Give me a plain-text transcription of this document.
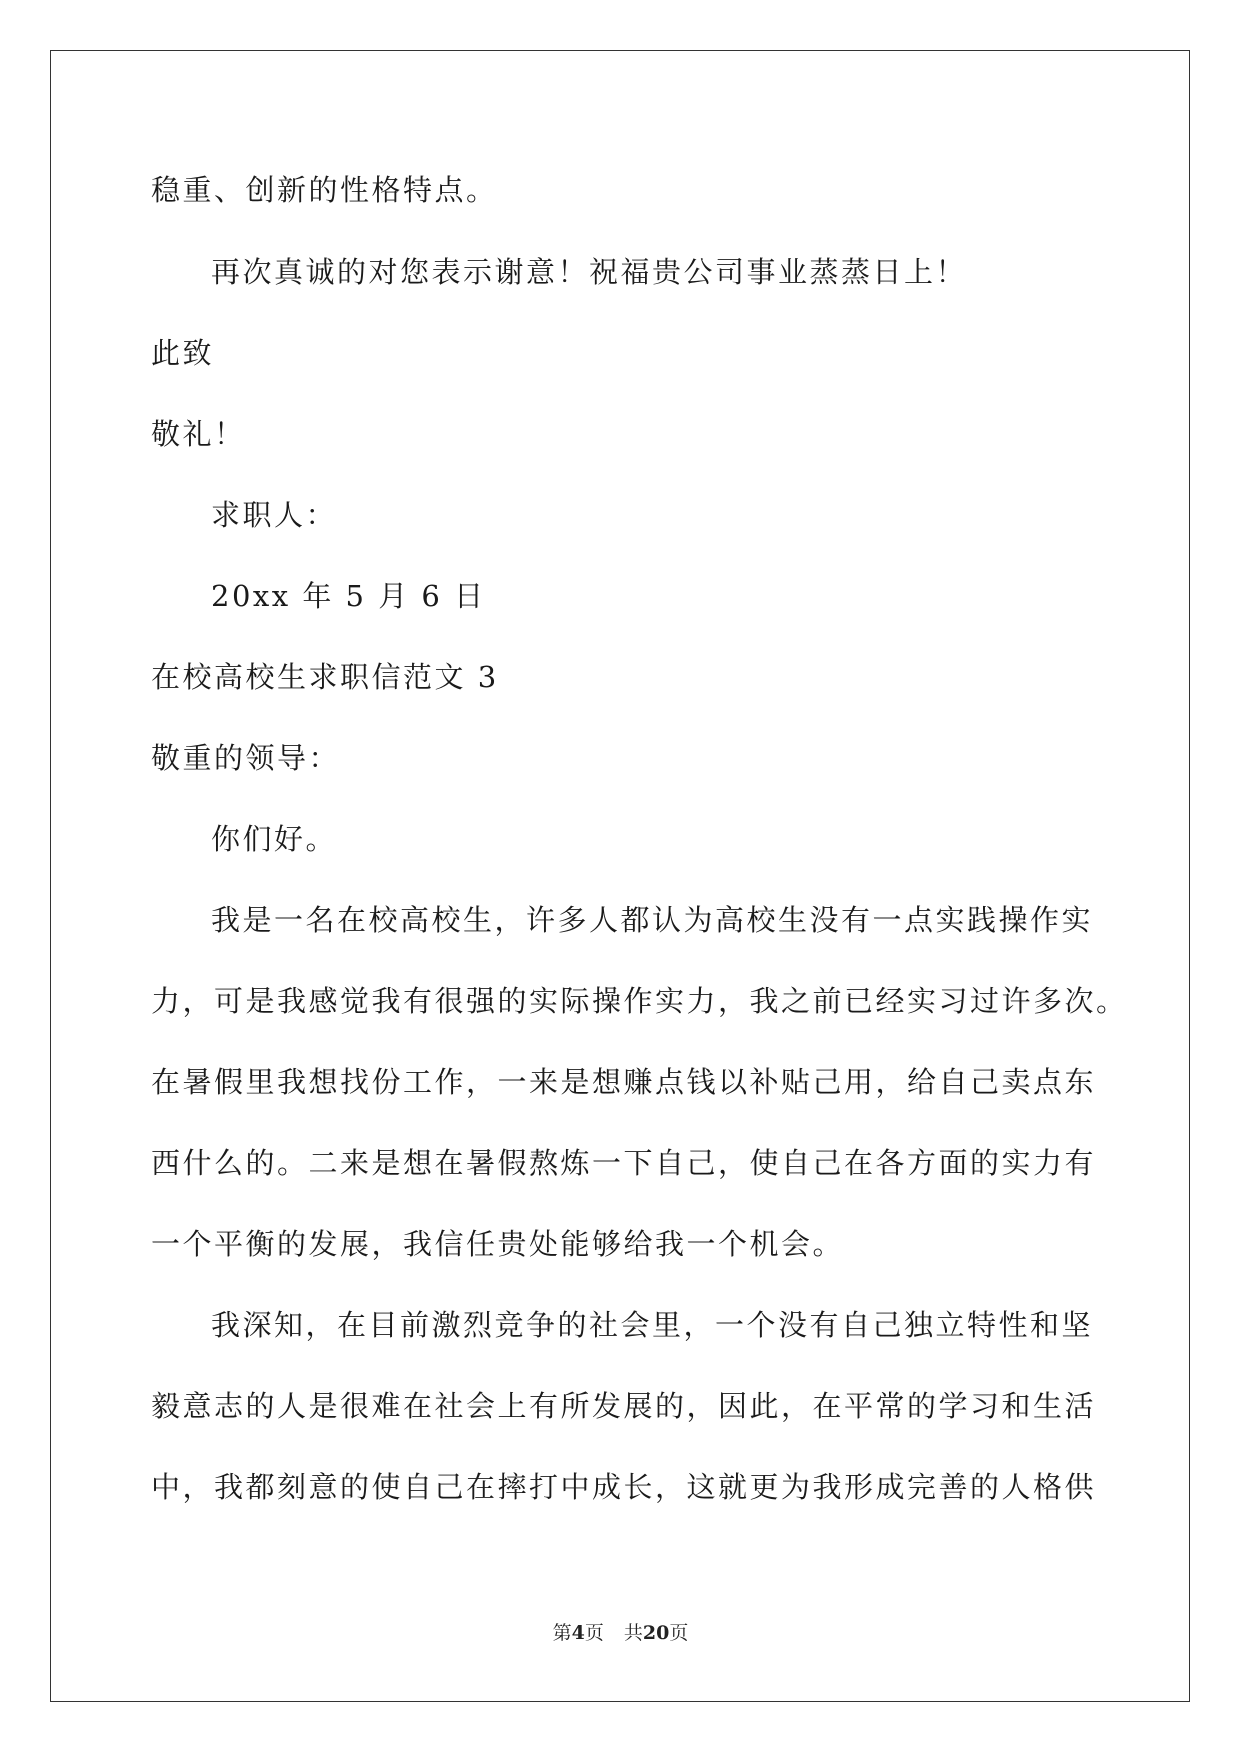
稳重、创新的性格特点。
再次真诚的对您表示谢意！祝福贵公司事业蒸蒸日上！
此致
敬礼！
求职人：
20xx 年 5 月 6 日
在校高校生求职信范文 3
敬重的领导：
你们好。
我是一名在校高校生，许多人都认为高校生没有一点实践操作实
力，可是我感觉我有很强的实际操作实力，我之前已经实习过许多次。
在暑假里我想找份工作，一来是想赚点钱以补贴己用，给自己卖点东
西什么的。二来是想在暑假熬炼一下自己，使自己在各方面的实力有
一个平衡的发展，我信任贵处能够给我一个机会。
我深知，在目前激烈竞争的社会里，一个没有自己独立特性和坚
毅意志的人是很难在社会上有所发展的，因此，在平常的学习和生活
中，我都刻意的使自己在摔打中成长，这就更为我形成完善的人格供
第4页 共20页
